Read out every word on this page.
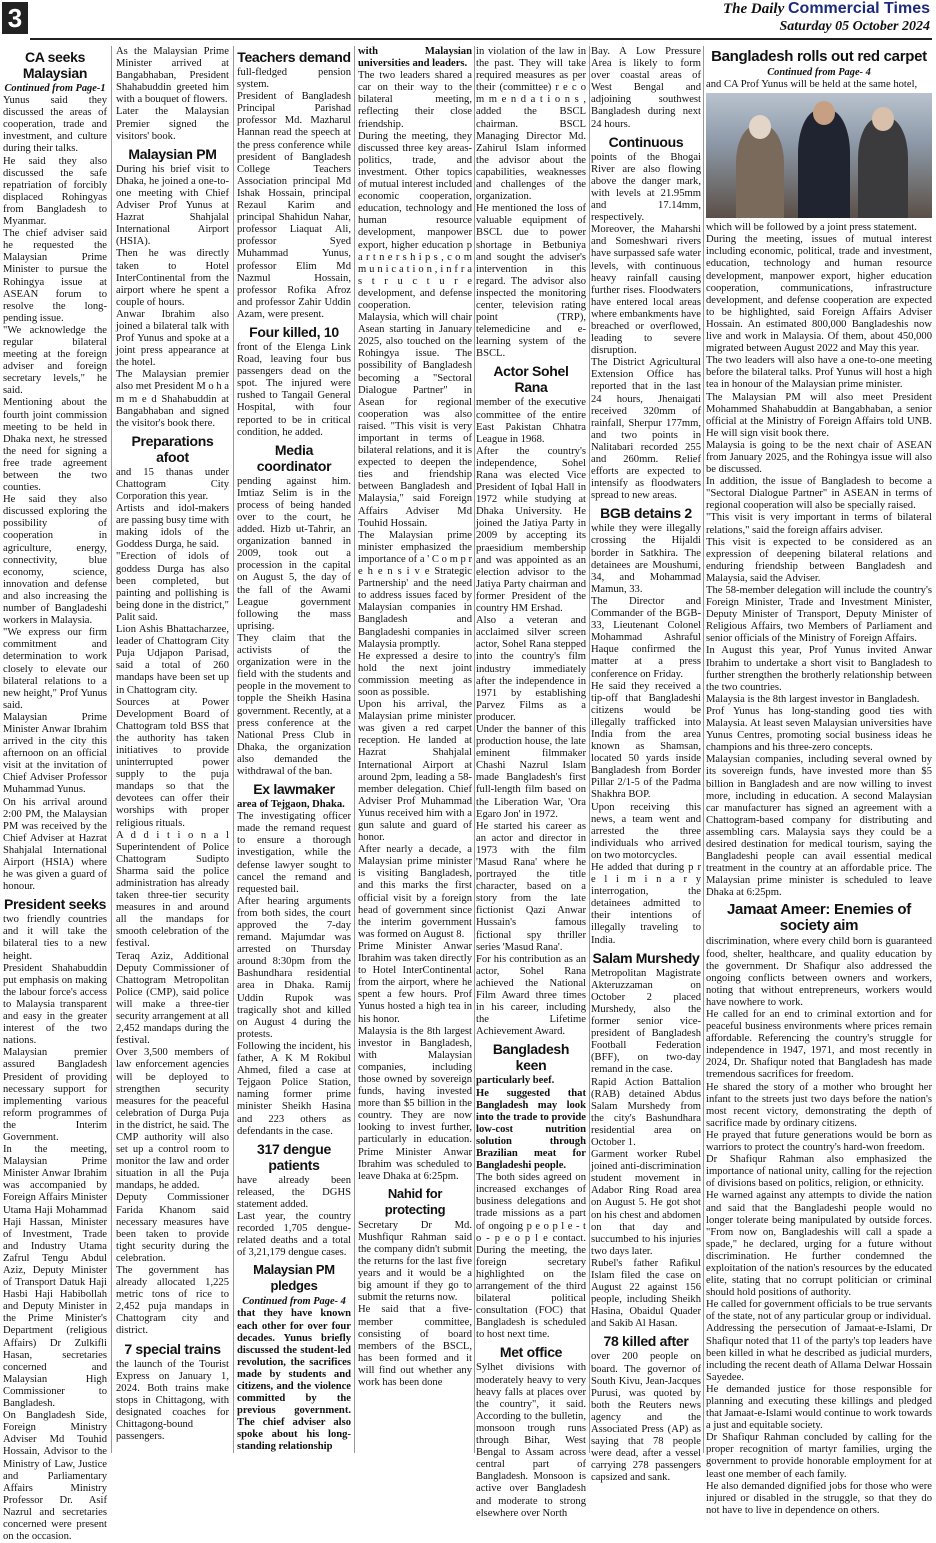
3	The Daily Commercial Times
Saturday 05 October 2024
CA seeks Malaysian

Continued from Page-1

Yunus said they discussed the areas of cooperation, trade and investment, and culture during their talks.

He said they also discussed the safe repatriation of forcibly displaced Rohingyas from Bangladesh to Myanmar.

The chief adviser said he requested the Malaysian Prime Minister to pursue the Rohingya issue at ASEAN forum to resolve the long-pending issue.

"We acknowledge the regular bilateral meeting at the foreign adviser and foreign secretary levels," he said.

Mentioning about the fourth joint commission meeting to be held in Dhaka next, he stressed the need for signing a free trade agreement between the two counties.

He said they also discussed exploring the possibility of cooperation in agriculture, energy, connectivity, blue economy, science, innovation and defense and also increasing the number of Bangladeshi workers in Malaysia.

"We express our firm commitment and determination to work closely to elevate our bilateral relations to a new height," Prof Yunus said.

Malaysian Prime Minister Anwar Ibrahim arrived in the city this afternoon on an official visit at the invitation of Chief Adviser Professor Muhammad Yunus.

On his arrival around 2:00 PM, the Malaysian PM was received by the Chief Adviser at Hazrat Shahjalal International Airport (HSIA) where he was given a guard of honour.

President seeks

two friendly countries and it will take the bilateral ties to a new height.

President Shahabuddin put emphasis on making the labour force's access to Malaysia transparent and easy in the greater interest of the two nations.

Malaysian premier assured Bangladesh President of providing necessary support for implementing various reform programmes of the Interim Government.

In the meeting, Malaysian Prime Minister Anwar Ibrahim was accompanied by Foreign Affairs Minister Utama Haji Mohammad Haji Hassan, Minister of Investment, Trade and Industry Utama Zafrul Tengu Abdul Aziz, Deputy Minister of Transport Datuk Haji Hasbi Haji Habibollah and Deputy Minister in the Prime Minister's Department (religious Affairs) Dr Zulkifli Hasan, secretaries concerned and Malaysian High Commissioner to Bangladesh.

On Bangladesh Side, Foreign Ministry Adviser Md Touhid Hossain, Advisor to the Ministry of Law, Justice and Parliamentary Affairs Ministry Professor Dr. Asif Nazrul and secretaries concerned were present on the occasion.

As the Malaysian Prime Minister arrived at Bangabhaban, President Shahabuddin greeted him with a bouquet of flowers.

Later the Malaysian Premier signed the visitors' book.

Malaysian PM

During his brief visit to Dhaka, he joined a one-to-one meeting with Chief Adviser Prof Yunus at Hazrat Shahjalal International Airport (HSIA).

Then he was directly taken to Hotel InterContinental from the airport where he spent a couple of hours.

Anwar Ibrahim also joined a bilateral talk with Prof Yunus and spoke at a joint press appearance at the hotel.

The Malaysian premier also met President M o h a m m e d Shahabuddin at Bangabhaban and signed the visitor's book there.

Preparations afoot

and 15 thanas under Chattogram City Corporation this year.

Artists and idol-makers are passing busy time with making idols of the Goddess Durga, he said.

"Erection of idols of goddess Durga has also been completed, but painting and pollishing is being done in the district," Palit said.

Lion Ashis Bhattacharzee, leader of Chattogram City Puja Udjapon Parisad, said a total of 260 mandaps have been set up in Chattogram city.

Sources at Power Development Board of Chattogram told BSS that the authority has taken initiatives to provide uninterrupted power supply to the puja mandaps so that the devotees can offer their worships with proper religious rituals.

A d d i t i o n a l Superintendent of Police Chattogram Sudipto Sharma said the police administration has already taken three-tier security measures in and around all the mandaps for smooth celebration of the festival.

Teraq Aziz, Additional Deputy Commissioner of Chattogram Metropolitan Police (CMP), said police will make a three-tier security arrangement at all 2,452 mandaps during the festival.

Over 3,500 members of law enforcement agencies will be deployed to strengthen security measures for the peaceful celebration of Durga Puja in the district, he said. The CMP authority will also set up a control room to monitor the law and order situation in all the Puja mandaps, he added.

Deputy Commissioner Farida Khanom said necessary measures have been taken to provide tight security during the celebration.

The government has already allocated 1,225 metric tons of rice to 2,452 puja mandaps in Chattogram city and district.

7 special trains

the launch of the Tourist Express on January 1, 2024. Both trains make stops in Chittagong, with designated coaches for Chittagong-bound passengers.

Teachers demand

full-fledged pension system.

President of Bangladesh Principal Parishad professor Md. Mazharul Hannan read the speech at the press conference while president of Bangladesh College Teachers Association principal Md Ishak Hossain, principal Rezaul Karim and principal Shahidun Nahar, professor Liaquat Ali, professor Syed Muhammad Yunus, professor Elim Md Nazmul Hossain, professor Rofika Afroz and professor Zahir Uddin Azam, were present.

Four killed, 10

front of the Elenga Link Road, leaving four bus passengers dead on the spot. The injured were rushed to Tangail General Hospital, with four reported to be in critical condition, he added.

Media coordinator

pending against him. Imtiaz Selim is in the process of being handed over to the court, he added. Hizb ut-Tahrir, an organization banned in 2009, took out a procession in the capital on August 5, the day of the fall of the Awami League government following the mass uprising.

They claim that the activists of the organization were in the field with the students and people in the movement to topple the Sheikh Hasina government. Recently, at a press conference at the National Press Club in Dhaka, the organization also demanded the withdrawal of the ban.

Ex lawmaker

area of Tejgaon, Dhaka.

The investigating officer made the remand request to ensure a thorough investigation, while the defense lawyer sought to cancel the remand and requested bail.

After hearing arguments from both sides, the court approved the 7-day remand. Majumdar was arrested on Thursday around 8:30pm from the Bashundhara residential area in Dhaka. Ramij Uddin Rupok was tragically shot and killed on August 4 during the protests.

Following the incident, his father, A K M Rokibul Ahmed, filed a case at Tejgaon Police Station, naming former prime minister Sheikh Hasina and 223 others as defendants in the case.

317 dengue patients

have already been released, the DGHS statement added.

Last year, the country recorded 1,705 dengue-related deaths and a total of 3,21,179 dengue cases.

Malaysian PM pledges

Continued from Page- 4

that they have known each other for over four decades. Yunus briefly discussed the student-led revolution, the sacrifices made by students and citizens, and the violence committed by the previous government. The chief adviser also spoke about his long-standing relationship

with Malaysian universities and leaders.

The two leaders shared a car on their way to the bilateral meeting, reflecting their close friendship.

During the meeting, they discussed three key areas-politics, trade, and investment. Other topics of mutual interest included economic cooperation, education, technology and human resource development, manpower export, higher education p a r t n e r s h i p s , c o m m u n i c a t i o n , i n f r a s t r u c t u r e development, and defense cooperation.

Malaysia, which will chair Asean starting in January 2025, also touched on the Rohingya issue. The possibility of Bangladesh becoming a "Sectoral Dialogue Partner" in Asean for regional cooperation was also raised. "This visit is very important in terms of bilateral relations, and it is expected to deepen the ties and friendship between Bangladesh and Malaysia," said Foreign Affairs Adviser Md Touhid Hossain.

The Malaysian prime minister emphasized the importance of a ' C o m p r e h e n s i v e Strategic Partnership' and the need to address issues faced by Malaysian companies in Bangladesh and Bangladeshi companies in Malaysia promptly.

He expressed a desire to hold the next joint commission meeting as soon as possible.

Upon his arrival, the Malaysian prime minister was given a red carpet reception. He landed at Hazrat Shahjalal International Airport at around 2pm, leading a 58-member delegation. Chief Adviser Prof Muhammad Yunus received him with a gun salute and guard of honor.

After nearly a decade, a Malaysian prime minister is visiting Bangladesh, and this marks the first official visit by a foreign head of government since the interim government was formed on August 8.

Prime Minister Anwar Ibrahim was taken directly to Hotel InterContinental from the airport, where he spent a few hours. Prof Yunus hosted a high tea in his honor.

Malaysia is the 8th largest investor in Bangladesh, with Malaysian companies, including those owned by sovereign funds, having invested more than $5 billion in the country. They are now looking to invest further, particularly in education. Prime Minister Anwar Ibrahim was scheduled to leave Dhaka at 6:25pm.

Nahid for protecting

Secretary Dr Md. Mushfiqur Rahman said the company didn't submit the returns for the last five years and it would be a big amount if they go to submit the returns now.

He said that a five-member committee, consisting of board members of the BSCL, has been formed and it will find out whether any work has been done

in violation of the law in the past. They will take required measures as per their (committee) r e c o m m e n d a t i o n s , added the BSCL chairman. BSCL Managing Director Md. Zahirul Islam informed the advisor about the capabilities, weaknesses and challenges of the organization.

He mentioned the loss of valuable equipment of BSCL due to power shortage in Betbuniya and sought the adviser's intervention in this regard. The advisor also inspected the monitoring center, television rating point (TRP), telemedicine and e-learning system of the BSCL.

Actor Sohel Rana

member of the executive committee of the entire East Pakistan Chhatra League in 1968.

After the country's independence, Sohel Rana was elected Vice President of Iqbal Hall in 1972 while studying at Dhaka University. He joined the Jatiya Party in 2009 by accepting its praesidium membership and was appointed as an election advisor to the Jatiya Party chairman and former President of the country HM Ershad.

Also a veteran and acclaimed silver screen actor, Sohel Rana stepped into the country's film industry immediately after the independence in 1971 by establishing Parvez Films as a producer.

Under the banner of this production house, the late eminent filmmaker Chashi Nazrul Islam made Bangladesh's first full-length film based on the Liberation War, 'Ora Egaro Jon' in 1972.

He started his career as an actor and director in 1973 with the film 'Masud Rana' where he portrayed the title character, based on a story from the late fictionist Qazi Anwar Hussain's famous fictional spy thriller series 'Masud Rana'.

For his contribution as an actor, Sohel Rana achieved the National Film Award three times in his career, including the Lifetime Achievement Award.

Bangladesh keen

particularly beef.

He suggested that Bangladesh may look into the trade to provide low-cost nutrition solution through Brazilian meat for Bangladeshi people.

The both sides agreed on increased exchanges of business delegations and trade missions as a part of ongoing p e o p l e - t o - p e o p l e contact. During the meeting, the foreign secretary highlighted on the arrangement of the third bilateral political consultation (FOC) that Bangladesh is scheduled to host next time.

Met office

Sylhet divisions with moderately heavy to very heavy falls at places over the country", it said. According to the bulletin, monsoon trough runs through Bihar, West Bengal to Assam across central part of Bangladesh. Monsoon is active over Bangladesh and moderate to strong elsewhere over North

Bay. A Low Pressure Area is likely to form over coastal areas of West Bengal and adjoining southwest Bangladesh during next 24 hours.

Continuous

points of the Bhogai River are also flowing above the danger mark, with levels at 21.95mm and 17.14mm, respectively.

Moreover, the Maharshi and Someshwari rivers have surpassed safe water levels, with continuous heavy rainfall causing further rises. Floodwaters have entered local areas where embankments have breached or overflowed, leading to severe disruption.

The District Agricultural Extension Office has reported that in the last 24 hours, Jhenaigati received 320mm of rainfall, Sherpur 177mm, and two points in Nalitabari recorded 255 and 260mm. Relief efforts are expected to intensify as floodwaters spread to new areas.

BGB detains 2

while they were illegally crossing the Hijaldi border in Satkhira. The detainees are Moushumi, 34, and Mohammad Mamun, 33.

The Director and Commander of the BGB-33, Lieutenant Colonel Mohammad Ashraful Haque confirmed the matter at a press conference on Friday.

He said they received a tip-off that Bangladeshi citizens would be illegally trafficked into India from the area known as Shamsan, located 50 yards inside Bangladesh from Border Pillar 2/1-5 of the Padma Shakhra BOP.

Upon receiving this news, a team went and arrested the three individuals who arrived on two motorcycles.

He added that during p r e l i m i n a r y interrogation, the detainees admitted to their intentions of illegally traveling to India.

Salam Murshedy

Metropolitan Magistrate Akteruzzaman on October 2 placed Murshedy, also the former senior vice-president of Bangladesh Football Federation (BFF), on two-day remand in the case.

Rapid Action Battalion (RAB) detained Abdus Salam Murshedy from the city's Bashundhara residential area on October 1.

Garment worker Rubel joined anti-discrimination student movement in Adabor Ring Road area on August 5. He got shot on his chest and abdomen on that day and succumbed to his injuries two days later.

Rubel's father Rafikul Islam filed the case on August 22 against 156 people, including Sheikh Hasina, Obaidul Quader and Sakib Al Hasan.

78 killed after

over 200 people on board. The governor of South Kivu, Jean-Jacques Purusi, was quoted by both the Reuters news agency and the Associated Press (AP) as saying that 78 people were dead, after a vessel carrying 278 passengers capsized and sank.

Bangladesh rolls out red carpet

Continued from Page- 4

and CA Prof Yunus will be held at the same hotel,

which will be followed by a joint press statement.

During the meeting, issues of mutual interest including economic, political, trade and investment, education, technology and human resource development, manpower export, higher education cooperation, communications, infrastructure development, and defense cooperation are expected to be highlighted, said Foreign Affairs Adviser Hossain. An estimated 800,000 Bangladeshis now live and work in Malaysia. Of them, about 450,000 migrated between August 2022 and May this year.

The two leaders will also have a one-to-one meeting before the bilateral talks. Prof Yunus will host a high tea in honour of the Malaysian prime minister.

The Malaysian PM will also meet President Mohammed Shahabuddin at Bangabhaban, a senior official at the Ministry of Foreign Affairs told UNB. He will sign visit book there.

Malaysia is going to be the next chair of ASEAN from January 2025, and the Rohingya issue will also be discussed.

In addition, the issue of Bangladesh to become a "Sectoral Dialogue Partner" in ASEAN in terms of regional cooperation will also be specially raised.

"This visit is very important in terms of bilateral relations," said the foreign affairs adviser.

This visit is expected to be considered as an expression of deepening bilateral relations and enduring friendship between Bangladesh and Malaysia, said the Adviser.

The 58-member delegation will include the country's Foreign Minister, Trade and Investment Minister, Deputy Minister of Transport, Deputy Minister of Religious Affairs, two Members of Parliament and senior officials of the Ministry of Foreign Affairs.

In August this year, Prof Yunus invited Anwar Ibrahim to undertake a short visit to Bangladesh to further strengthen the brotherly relationship between the two countries.

Malaysia is the 8th largest investor in Bangladesh.

Prof Yunus has long-standing good ties with Malaysia. At least seven Malaysian universities have Yunus Centres, promoting social business ideas he champions and his three-zero concepts.

Malaysian companies, including several owned by its sovereign funds, have invested more than $5 billion in Bangladesh and are now willing to invest more, including in education. A second Malaysian car manufacturer has signed an agreement with a Chattogram-based company for distributing and assembling cars. Malaysia says they could be a desired destination for medical tourism, saying the Bangladeshi people can avail essential medical treatment in the country at an affordable price. The Malaysian prime minister is scheduled to leave Dhaka at 6:25pm.

Jamaat Ameer: Enemies of society aim

discrimination, where every child born is guaranteed food, shelter, healthcare, and quality education by the government. Dr Shafiqur also addressed the ongoing conflicts between owners and workers, noting that without entrepreneurs, workers would have nowhere to work.

He called for an end to criminal extortion and for peaceful business environments where prices remain affordable. Referencing the country's struggle for independence in 1947, 1971, and most recently in 2024, Dr. Shafiqur noted that Bangladesh has made tremendous sacrifices for freedom.

He shared the story of a mother who brought her infant to the streets just two days before the nation's most recent victory, demonstrating the depth of sacrifice made by ordinary citizens.

He prayed that future generations would be born as warriors to protect the country's hard-won freedom.

Dr Shafiqur Rahman also emphasized the importance of national unity, calling for the rejection of divisions based on politics, religion, or ethnicity.

He warned against any attempts to divide the nation and said that the Bangladeshi people would no longer tolerate being manipulated by outside forces. "From now on, Bangladeshis will call a spade a spade," he declared, urging for a future without discrimination. He further condemned the exploitation of the nation's resources by the educated elite, stating that no corrupt politician or criminal should hold positions of authority.

He called for government officials to be true servants of the state, not of any particular group or individual.

Addressing the persecution of Jamaat-e-Islami, Dr Shafiqur noted that 11 of the party's top leaders have been killed in what he described as judicial murders, including the recent death of Allama Delwar Hossain Sayedee.

He demanded justice for those responsible for planning and executing these killings and pledged that Jamaat-e-Islami would continue to work towards a just and equitable society.

Dr Shafiqur Rahman concluded by calling for the proper recognition of martyr families, urging the government to provide honorable employment for at least one member of each family.

He also demanded dignified jobs for those who were injured or disabled in the struggle, so that they do not have to live in dependence on others.
